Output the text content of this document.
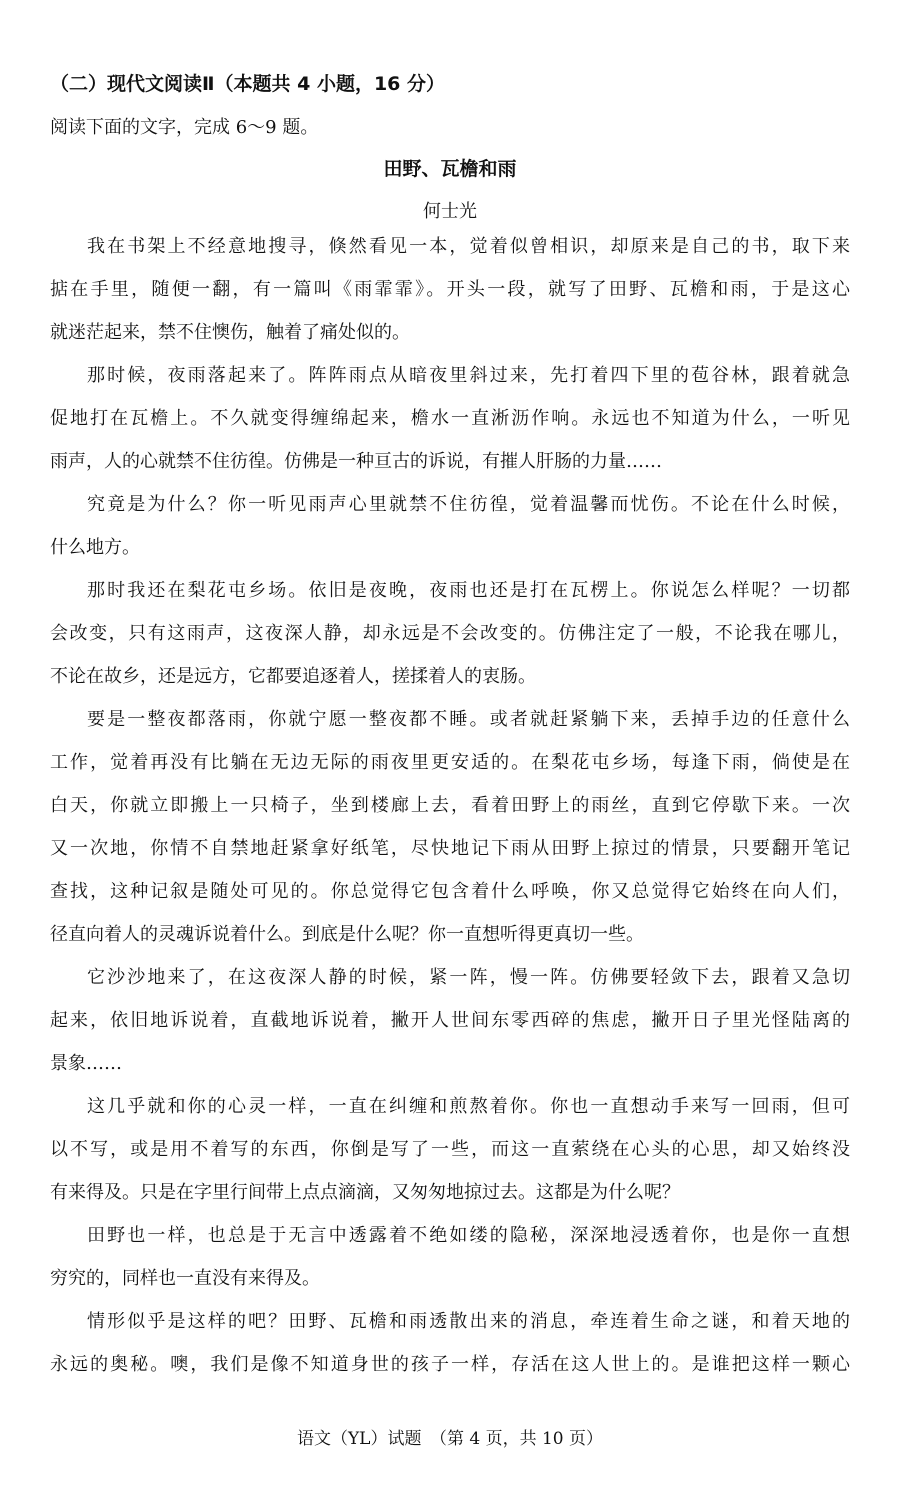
（二）现代文阅读Ⅱ（本题共 4 小题，16 分）
阅读下面的文字，完成 6～9 题。
田野、瓦檐和雨
何士光
我在书架上不经意地搜寻，倏然看见一本，觉着似曾相识，却原来是自己的书，取下来
掂在手里，随便一翻，有一篇叫《雨霏霏》。开头一段，就写了田野、瓦檐和雨，于是这心
就迷茫起来，禁不住懊伤，触着了痛处似的。
那时候，夜雨落起来了。阵阵雨点从暗夜里斜过来，先打着四下里的苞谷林，跟着就急
促地打在瓦檐上。不久就变得缠绵起来，檐水一直淅沥作响。永远也不知道为什么，一听见
雨声，人的心就禁不住彷徨。仿佛是一种亘古的诉说，有摧人肝肠的力量……
究竟是为什么？你一听见雨声心里就禁不住彷徨，觉着温馨而忧伤。不论在什么时候，
什么地方。
那时我还在梨花屯乡场。依旧是夜晚，夜雨也还是打在瓦楞上。你说怎么样呢？一切都
会改变，只有这雨声，这夜深人静，却永远是不会改变的。仿佛注定了一般，不论我在哪儿，
不论在故乡，还是远方，它都要追逐着人，搓揉着人的衷肠。
要是一整夜都落雨，你就宁愿一整夜都不睡。或者就赶紧躺下来，丢掉手边的任意什么
工作，觉着再没有比躺在无边无际的雨夜里更安适的。在梨花屯乡场，每逢下雨，倘使是在
白天，你就立即搬上一只椅子，坐到楼廊上去，看着田野上的雨丝，直到它停歇下来。一次
又一次地，你情不自禁地赶紧拿好纸笔，尽快地记下雨从田野上掠过的情景，只要翻开笔记
查找，这种记叙是随处可见的。你总觉得它包含着什么呼唤，你又总觉得它始终在向人们，
径直向着人的灵魂诉说着什么。到底是什么呢？你一直想听得更真切一些。
它沙沙地来了，在这夜深人静的时候，紧一阵，慢一阵。仿佛要轻敛下去，跟着又急切
起来，依旧地诉说着，直截地诉说着，撇开人世间东零西碎的焦虑，撇开日子里光怪陆离的
景象……
这几乎就和你的心灵一样，一直在纠缠和煎熬着你。你也一直想动手来写一回雨，但可
以不写，或是用不着写的东西，你倒是写了一些，而这一直萦绕在心头的心思，却又始终没
有来得及。只是在字里行间带上点点滴滴，又匆匆地掠过去。这都是为什么呢？
田野也一样，也总是于无言中透露着不绝如缕的隐秘，深深地浸透着你，也是你一直想
穷究的，同样也一直没有来得及。
情形似乎是这样的吧？田野、瓦檐和雨透散出来的消息，牵连着生命之谜，和着天地的
永远的奥秘。噢，我们是像不知道身世的孩子一样，存活在这人世上的。是谁把这样一颗心
语文（YL）试题　（第 4 页，共 10 页）
